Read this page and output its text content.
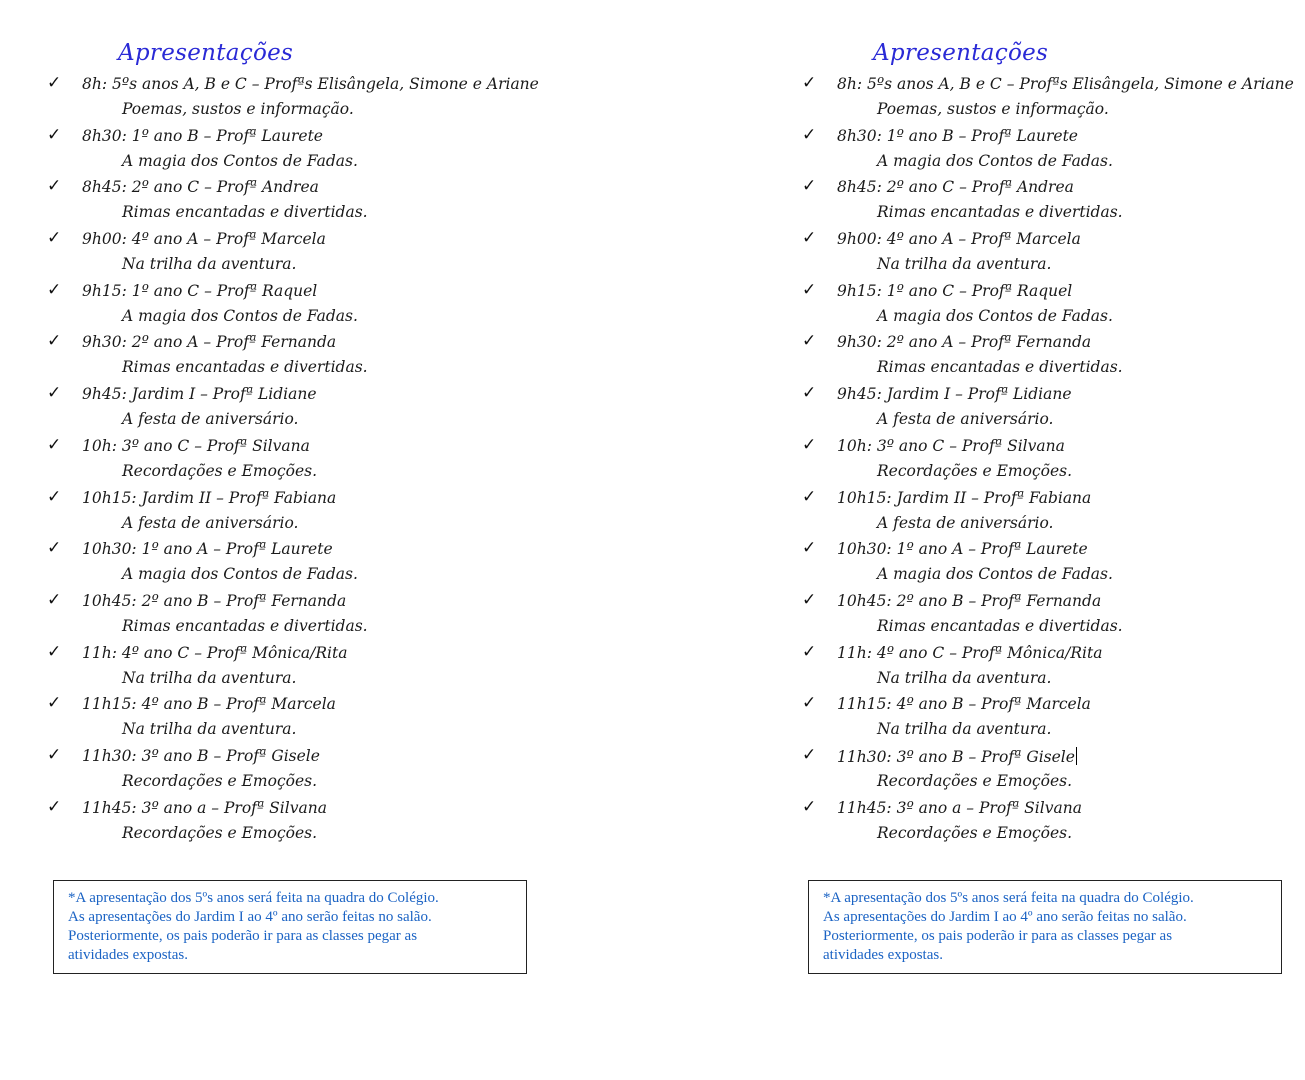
Apresentações
✓ 8h: 5ºs anos A, B e C – Profªs Elisângela, Simone e Ariane
Poemas, sustos e informação.
✓ 8h30: 1º ano B – Profª Laurete
A magia dos Contos de Fadas.
✓ 8h45: 2º ano C – Profª Andrea
Rimas encantadas e divertidas.
✓ 9h00: 4º ano A – Profª Marcela
Na trilha da aventura.
✓ 9h15: 1º ano C – Profª Raquel
A magia dos Contos de Fadas.
✓ 9h30: 2º ano A – Profª Fernanda
Rimas encantadas e divertidas.
✓ 9h45: Jardim I – Profª Lidiane
A festa de aniversário.
✓ 10h: 3º ano C – Profª Silvana
Recordações e Emoções.
✓ 10h15: Jardim II – Profª Fabiana
A festa de aniversário.
✓ 10h30: 1º ano A – Profª Laurete
A magia dos Contos de Fadas.
✓ 10h45: 2º ano B – Profª Fernanda
Rimas encantadas e divertidas.
✓ 11h: 4º ano C – Profª Mônica/Rita
Na trilha da aventura.
✓ 11h15: 4º ano B – Profª Marcela
Na trilha da aventura.
✓ 11h30: 3º ano B – Profª Gisele
Recordações e Emoções.
✓ 11h45: 3º ano a – Profª Silvana
Recordações e Emoções.

*A apresentação dos 5ºs anos será feita na quadra do Colégio.

As apresentações do Jardim I ao 4º ano serão feitas no salão.

Posteriormente, os pais poderão ir para as classes pegar as

atividades expostas.

Apresentações
✓ 8h: 5ºs anos A, B e C – Profªs Elisângela, Simone e Ariane
Poemas, sustos e informação.
✓ 8h30: 1º ano B – Profª Laurete
A magia dos Contos de Fadas.
✓ 8h45: 2º ano C – Profª Andrea
Rimas encantadas e divertidas.
✓ 9h00: 4º ano A – Profª Marcela
Na trilha da aventura.
✓ 9h15: 1º ano C – Profª Raquel
A magia dos Contos de Fadas.
✓ 9h30: 2º ano A – Profª Fernanda
Rimas encantadas e divertidas.
✓ 9h45: Jardim I – Profª Lidiane
A festa de aniversário.
✓ 10h: 3º ano C – Profª Silvana
Recordações e Emoções.
✓ 10h15: Jardim II – Profª Fabiana
A festa de aniversário.
✓ 10h30: 1º ano A – Profª Laurete
A magia dos Contos de Fadas.
✓ 10h45: 2º ano B – Profª Fernanda
Rimas encantadas e divertidas.
✓ 11h: 4º ano C – Profª Mônica/Rita
Na trilha da aventura.
✓ 11h15: 4º ano B – Profª Marcela
Na trilha da aventura.
✓ 11h30: 3º ano B – Profª Gisele
Recordações e Emoções.
✓ 11h45: 3º ano a – Profª Silvana
Recordações e Emoções.

*A apresentação dos 5ºs anos será feita na quadra do Colégio.

As apresentações do Jardim I ao 4º ano serão feitas no salão.

Posteriormente, os pais poderão ir para as classes pegar as

atividades expostas.
